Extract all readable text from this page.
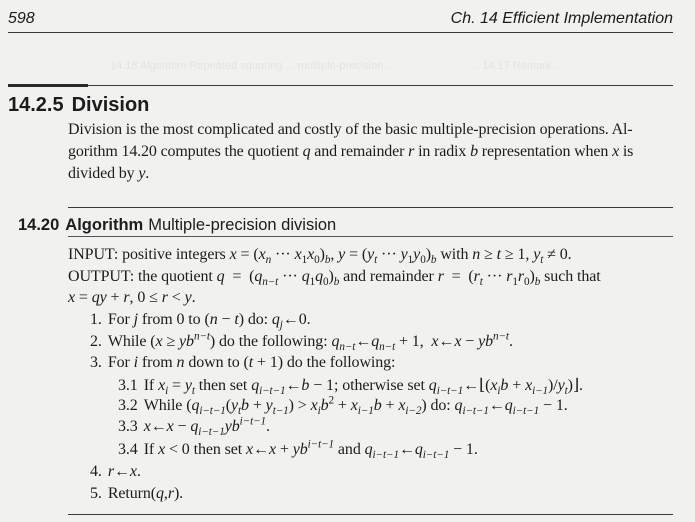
14.18 Algorithm Repeated squaring ... multiple-precision ...	... 14.17 Remark ...
598	Ch. 14 Efficient Implementation
14.2.5 Division
Division is the most complicated and costly of the basic multiple-precision operations. Al-
gorithm 14.20 computes the quotient q and remainder r in radix b representation when x is
divided by y.
14.20 Algorithm Multiple-precision division
INPUT: positive integers $x = (x_n$ ··· $x_1x_0)_b$, $y = (y_t$ ··· $y_1y_0)_b$ with n ≥ t ≥ 1, $y_t \ne 0$.
OUTPUT: the quotient $q = (q_{n-t}$ ··· $q_1q_0)_b$ and remainder $r = (r_t$ ··· $r_1r_0)_b$ such that
x = qy + r, 0 ≤ r < y.
1. For j from 0 to (n − t) do: $q_j\leftarrow 0$.
2. While $(x \ge yb^{n-t})$ do the following: $q_{n-t}\leftarrow q_{n-t} + 1$,  x←x − $yb^{n-t}$.
3. For i from n down to (t + 1) do the following:
3.1 If $x_i = y_t$ then set $q_{i-t-1}\leftarrow b - 1$; otherwise set $q_{i-t-1}\leftarrow⌊(x_ib$ + $x_{i-1})/y_t)⌋$.
3.2 While $(q_{i-t-1}(y_tb + y_{t-1}) > x_ib^2 + x_{i-1}b + x_{i-2})$ do: $q_{i-t-1}\leftarrow q_{i-t-1} - 1$.
3.3 x←x − $q_{i-t-1}yb^{i-t-1}$.
3.4 If x < 0 then set x←x + $yb^{i-t-1}$ and $q_{i-t-1}\leftarrow q_{i-t-1} - 1$.
4. r←x.
5. Return(q,r).
